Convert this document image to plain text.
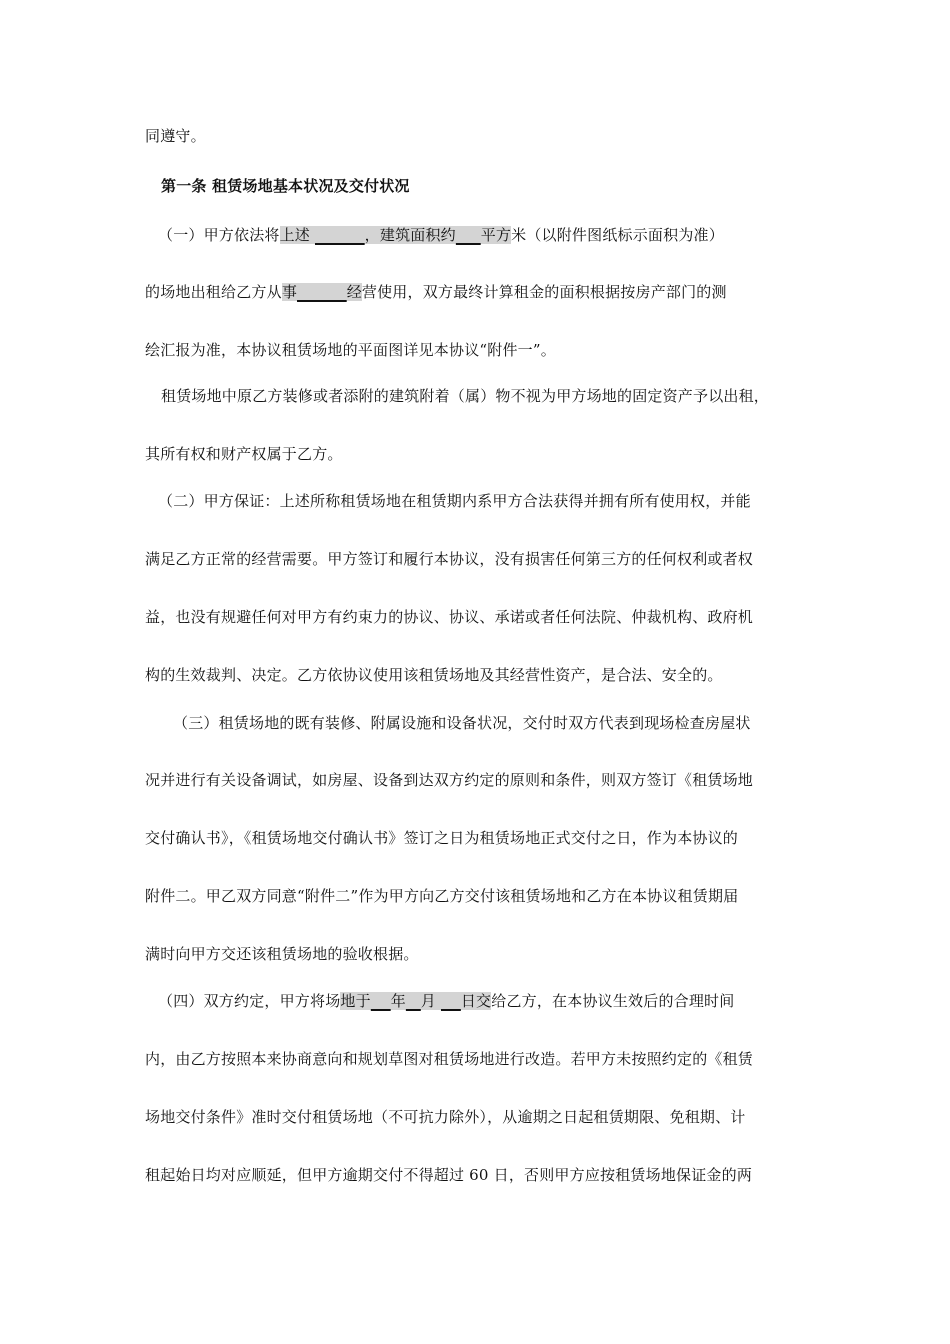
同遵守。
第一条 租赁场地基本状况及交付状况
（一）甲方依法将上述	，建筑面积约 平方米（以附件图纸标示面积为准）
的场地出租给乙方从事	经营使用，双方最终计算租金的面积根据按房产部门的测
绘汇报为准，本协议租赁场地的平面图详见本协议“附件一”。
租赁场地中原乙方装修或者添附的建筑附着（属）物不视为甲方场地的固定资产予以出租，
其所有权和财产权属于乙方。
（二）甲方保证：上述所称租赁场地在租赁期内系甲方合法获得并拥有所有使用权，并能
满足乙方正常的经营需要。甲方签订和履行本协议，没有损害任何第三方的任何权利或者权
益，也没有规避任何对甲方有约束力的协议、协议、承诺或者任何法院、仲裁机构、政府机
构的生效裁判、决定。乙方依协议使用该租赁场地及其经营性资产，是合法、安全的。
（三）租赁场地的既有装修、附属设施和设备状况，交付时双方代表到现场检查房屋状
况并进行有关设备调试，如房屋、设备到达双方约定的原则和条件，则双方签订《租赁场地
交付确认书》，《租赁场地交付确认书》签订之日为租赁场地正式交付之日，作为本协议的
附件二。甲乙双方同意“附件二”作为甲方向乙方交付该租赁场地和乙方在本协议租赁期届
满时向甲方交还该租赁场地的验收根据。
（四）双方约定，甲方将场地于 年 月     日交给乙方，在本协议生效后的合理时间
内，由乙方按照本来协商意向和规划草图对租赁场地进行改造。若甲方未按照约定的《租赁
场地交付条件》准时交付租赁场地（不可抗力除外），从逾期之日起租赁期限、免租期、计
租起始日均对应顺延，但甲方逾期交付不得超过 60 日，否则甲方应按租赁场地保证金的两
